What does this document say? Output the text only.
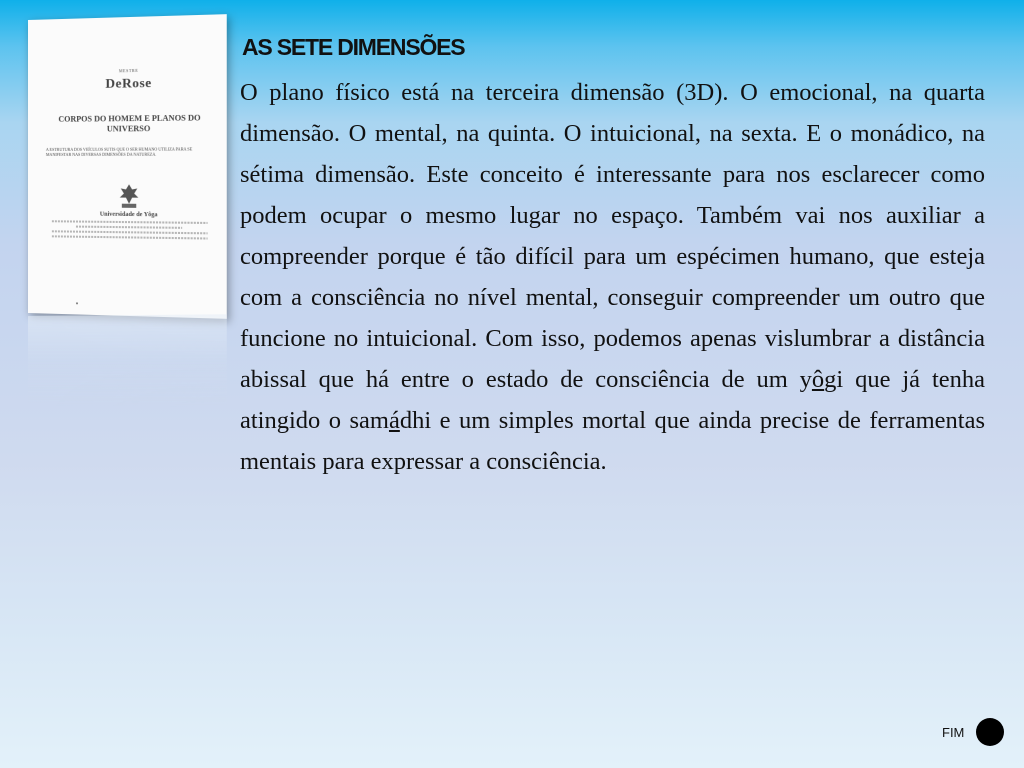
MESTRE
DeRose
CORPOS DO HOMEM E PLANOS DO UNIVERSO
A ESTRUTURA DOS VEÍCULOS SUTIS QUE O SER HUMANO UTILIZA PARA SE MANIFESTAR NAS DIVERSAS DIMENSÕES DA NATUREZA.
Universidade de Yôga
AS SETE DIMENSÕES

O plano físico está na terceira dimensão (3D). O emocional, na quarta dimensão. O mental, na quinta. O intuicional, na sexta. E o monádico, na sétima dimensão. Este conceito é interessante para nos esclarecer como podem ocupar o mesmo lugar no espaço. Também vai nos auxiliar a compreender porque é tão difícil para um espécimen humano, que esteja com a consciência no nível mental, conseguir compreender um outro que funcione no intuicional. Com isso, podemos apenas vislumbrar a distância abissal que há entre o estado de consciência de um yôgi que já tenha atingido o samádhi e um simples mortal que ainda precise de ferramentas mentais para expressar a consciência.

FIM
